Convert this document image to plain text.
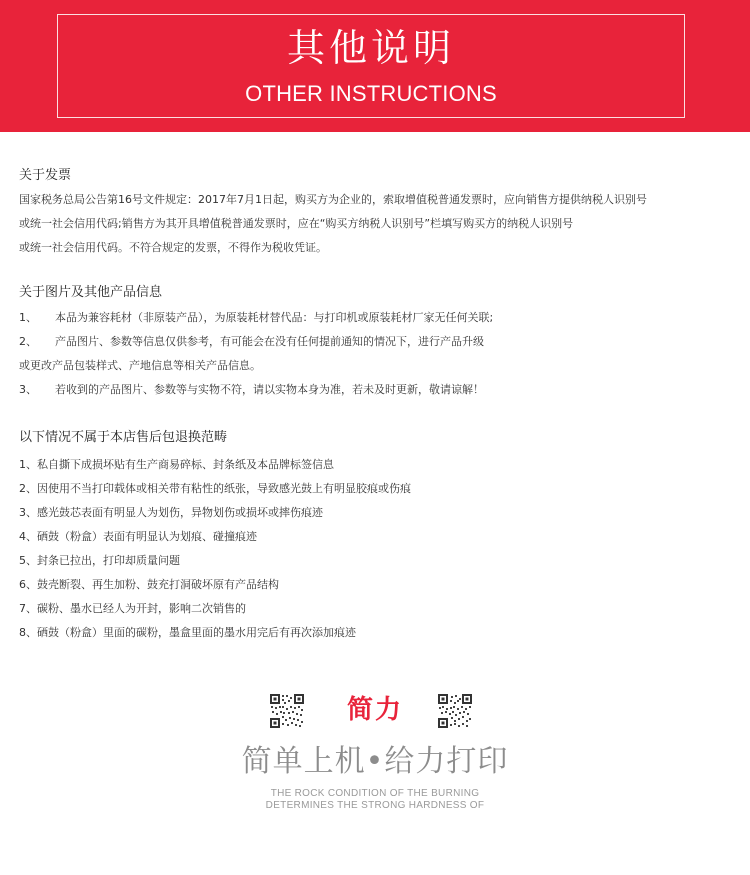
其他说明
OTHER INSTRUCTIONS
关于发票
国家税务总局公告第16号文件规定：2017年7月1日起，购买方为企业的，索取增值税普通发票时，应向销售方提供纳税人识别号
或统一社会信用代码;销售方为其开具增值税普通发票时，应在“购买方纳税人识别号”栏填写购买方的纳税人识别号
或统一社会信用代码。不符合规定的发票，不得作为税收凭证。
关于图片及其他产品信息
1、 本品为兼容耗材（非原装产品），为原装耗材替代品：与打印机或原装耗材厂家无任何关联;
2、 产品图片、参数等信息仅供参考，有可能会在没有任何提前通知的情况下，进行产品升级
或更改产品包装样式、产地信息等相关产品信息。
3、 若收到的产品图片、参数等与实物不符，请以实物本身为准，若未及时更新，敬请谅解！
以下情况不属于本店售后包退换范畴
1、私自撕下成损坏贴有生产商易碎标、封条纸及本品牌标签信息
2、因使用不当打印载体或相关带有粘性的纸张，导致感光鼓上有明显胶痕或伤痕
3、感光鼓芯表面有明显人为划伤，异物划伤或损坏或摔伤痕迹
4、硒鼓（粉盒）表面有明显认为划痕、碰撞痕迹
5、封条已拉出，打印却质量问题
6、鼓壳断裂、再生加粉、鼓充打洞破坏原有产品结构
7、碳粉、墨水已经人为开封，影响二次销售的
8、硒鼓（粉盒）里面的碳粉，墨盒里面的墨水用完后有再次添加痕迹
简力
简单上机•给力打印
THE ROCK CONDITION OF THE BURNING
DETERMINES THE STRONG HARDNESS OF
